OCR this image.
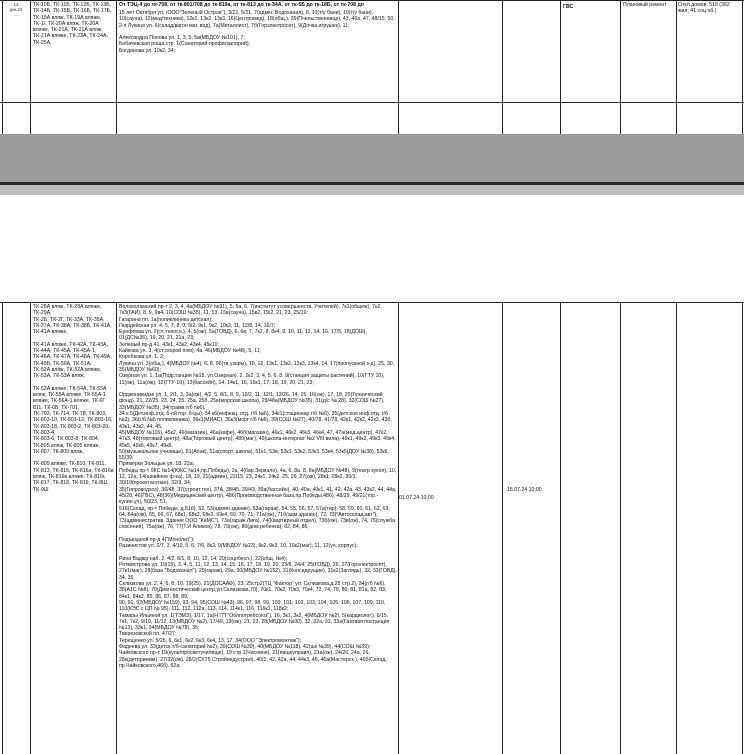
13
дек.22
...
ТК-10Б, ТК-11Б, ТК-12Б, ТК-13Б, ТК-14Б, ТК-15Б, ТК-16Б, ТК-17Б, ТК-19А вляж, ТК-19А вляже, ТК-1/, ТК-20А вляж, ТК-20А вляже, ТК-21А, ТК-21А вляж, ТК-21А вляже, ТК-23А, ТК-24А, ТК-25А,
От ТЭЦ-4 до тк-708, от тк-801/708 до тк-819а, от тк-813 до тк-34А, от тк-5Б до тк-18Б, от тк-708 до
15 лет Октября ул. (ООО"Зеленый Остров"), 3/22, 5/21, 7(адмін. Водоканал), 8, 10(т/у бани), 10(т/у бани), 10(сауна), 12(мед/техника), 12к1, 13к2, 13к3, 16(Центромед), 18(общ.), 39(Пчельственница), 43, 46а, 47, 48/15, 50,
2-я Лукина ул. 6(склад/вагон маг. вод), 7а(Металлист), 7б(Горэлектросет), 9(Дочка игрушек), 11;

Александра Попова ул. 1, 3, 5, 5в(МБДОУ №101), 7;
Бобачевская роща стр. 1(Санаторий-профилакторий);
Богданова ул. 10к2, 34;
ГВС	Плановый ремонт	Откл.домов: 519 (382 жил, 41 соц.об.)
ТК-28А вляж, ТК-28А вляже, ТК-29А,
ТК-2Б, ТК-2Г, ТК-33А, ТК-35А, ТК-37А, ТК-38А, ТК-38Б, ТК-41А, ТК-41А вляже,

ТК-41А вляже, ТК-42А, ТК-43А, ТК-44А, ТК-45А, ТК-45А-1, ТК-46А, ТК-47А, ТК-48А, ТК-49А, ТК-49Б, ТК-50А, ТК-51А,
ТК-52А вляж, ТК-52А вляже, ТК-53А, ТК-53А вляж,

ТК-53А вляже, ТК-54А, ТК-55А вляж, ТК-55А вляже, ТК-55А-1 вляже, ТК-56А-1 вляже, ТК-6Г 811, ТК-6Б, ТК-701,
ТК-703, ТК-714, ТК-78, ТК-803, ТК-803-10, ТК-803-12, ТК-803-16, ТК-803-18, ТК-803-2, ТК-803-20, ТК-803-4,
ТК-803-6, ТК-803-8, ТК-804, ТК-805 вляж, ТК-805 вляже, ТК-807, ТК-809 вляж,

ТК-809 вляже, ТК-810, ТК-811, ТК-813, ТК-815, ТК-816а, ТК-816в вляж, ТК-816в вляже, ТК-816г, ТК-817, ТК-818, ТК-819, ТК-8Ш, ТК-9Ш
Волоколамский пр-т 2, 3, 4, 4а(МБДОУ №91), 5, 5а, 6, 7(институт усовершенств. Учителей), 7к1(общеж), 7к2, 7к3(ГАИ), 8, 9, 9в4, 10(СОШ №35), 11, 13, 15в(сауна), 15в2, 19/2, 21, 23, 25/19;
Гагарина пл. 1а(поликлиника детская);
Гвардейская ул. 4, 5, 7, 8, 9, 9/2, 9к1, 9к2, 10к2, 11, 12/8, 14, 16/7;
Ерофеева ул. 2(ст. техосл.), 4, 5(ож), 5а(ГОВД), 6, 6в, 7, 7к2, 8, 8к4, 9, 10, 11, 12, 14, 16, 17/5, 18(ДОШ), 01(ДС№36), 19, 20, 21, 21а, 23;
Зеленый пр-д 41, 43к1, 43к2, 43к4, 45к10;
Кайкова ул. 3, 4(ст.скорой пом), 4а, 46(МБДОУ №48), 5, 11;
Коробкова ул. 1, 2;
Лукина ул. 3(общ.), 4(МБДОУ №4), 6, 8, 9б(тв.узоры), 10, 12, 13к1, 13к2, 13к3, 13к4, 14, 17(пропускной з-д), 25, 30, 35(МБДОУ №60);
Озерная ул. 1, 1а(Подстанция №18, ул.Озерная), 2, 2к2, 3, 4, 5, 6, 8, 9(станция защиты растений), 10(ГТУ 10), 11(ож), 11а(ож), 12(ГТУ-10), 13(бассейн), 14, 14к1, 16, 16к1, 17, 18, 19, 20, 21, 23;

Орджоникидзе ул. 1, 2/1, 3, 3а(ож), 4/2, 5, 8/1, 8, 9, 10/2, 11, 12/1, 13/26, 14, 15, 16(ож), 17, 18, 20(Технический фонд), 21, 22/25, 23, 24, 25, 25а, 25б, 25в(морская школа), 29/48а(МБДОУ №35), 31(д/с № 28), 32(СОШ №27), 33(МБДОУ №35), 34(трамв.т/б №6),
34 к.5(Дет.инф.отд. б-ой гор. б-цы), 34 к6(инфекц. отд. г/б №6), 34к1(стационар г/б №6), 35(детское инф.отд. г/б №2), 36(г/б №6 поликлиника), 36к1(МИАС), 36к3(морг г/б №6), 39(СОШ №27), 40/78, 41/78, 42к1, 42к2, 42к3, 43б, 43к1, 43к2, 44, 45,
45(МБДОУ №116), 45к2, 46(магазин), 46а(кафе), 46б(магазин), 46к1, 46к2, 46к3, 46к4, 47, 47а(мед.центр), 47к2, 47к3, 48(торговый центр), 48а(Торговый центр), 48б(маг), 49(школа-интернат №2 VIII вила), 49к1, 49к2, 49к3, 49к4, 49к5, 49к6, 49к7, 49к8,
50(музыкальное училище), 51(Алак), 51а(спорт. школа), 51к1, 53в, 53к1, 53к2, 53к3, 53к4, 53к5(ДОУ №38), 53к6, 55/39;
Прямерки Зольцын ул. 18, 22а;
Победы пр-т 9КС №14(ЮКС №14,пр.Победы), 2а, 4(бар Зеркало), 4а, 6, 8а, 8, 8а(МБДОУ №48), 9(театр кукол), 10, 12, 12а, 14(шевйное ф-ка), 18, 19, 21(админ), 22/15, 23, 24к1, 24к2, 25, 26, 27(ож), 28к1, 28к2, 30/1, 30/19(проектантная), 32/3, 34,
35(Гипроводхоз), 36/48, 37(строит.тех), 37А, 38/45, 39/43, 39а(бассейн), 40, 40а, 40к1, 41, 42, 42а, 43, 43к2, 44, 44а, 45/28, 46(ГВС), 48(36)(Медицинский центр), 48б(Производственная база,пр.Победы,48б), 48/29, 49/21(тор.-кулин.уч), 50/23, 51,
51б(Склад, пр-т Победы, д.51б), 52, 53(админ.здание), 53а(гараж), 54, 55, 56, 57, 57а(тир), 58, 59, 60, 61, 62, 63, 64, 64а(ож), 65, 66, 67, 68к1, 68к2, 69к3, 69к4, 69, 70, 71, 71а(ож), 71б(адм.здание), 72, 73("Автосклад,авт"),
73(административ. Здание ООО "КиМС"), 73а(гараж Лига), 74(Квартирный отдел), 73б(ож), 73в(ож), 74, 75(служба спасения), 75а(ож), 76, 77(Т.И Аликов), 78, 79(ож), 80(дом ребенка), 82, 84, 86;

Подъездной пр-д 4("Монолит");
Разинистов ул. 2/7, 3, 4/10, 5, 6, 7/6, 8к2, 9(МБДОУ №23), 9к2, 9к3, 10, 10к2(маг), 11, 12(уч. корпус);

Рина Ваджр наб. 2, 4/2, 8/1, 8, 10, 12, 14, 20(соцобесп.), 22(общ. №4);
Ротмистрова ул. 19(15), 3, 4, 5, 11, 12, 13, 14, 15, 16, 17, 18, 19, 20, 23/8, 24/4, 25(ГОВД), 26, 27(Горэлектросет), 27к1(маг), 28(база "Водоканал"), 29(гараж), 29а, 30(МБДОУ №152), 31(Консидеущие), 31к2(Заглядь), 32, 33(ГОВД), 34, 35,
Склизкова ул. 2, 4, 6, 8, 10, 19(25), 21(ДОСААФ), 23, 25стр2(ТЦ "Фактор" ул. Склизкова,д.25 стр.2), 34(г/б №6), 38(А1С №8), 70(Диагностический центр,ул.Склизкова,70), 70к1, 70к2, 70к3, 70к4, 72, 74, 79, 80, 81, 81а, 82, 83, 84к1, 84к2, 85, 86, 87, 88, 89,
90, 91, 92(МБДОУ №159), 93, 94, 95(СОШ №43), 96, 97, 98, 99, 100, 101, 102, 103, 104, 105, 106, 107, 109, 110, 110(КЭС с ЦП № 95), 111, 112, 112а, 113, 114, 114к1, 116, 116к1, 118к2;
Тамары Ильиной ул. 1(ТЭМЗ), 1/17, 1а(Н ГП "Облпотребсоюз"), 1б, 3к1, 3к2, 4(МБДОУ №2), 5(кардиолог.), 6/15, 7к1, 7к2, 9/19, 11/12, 13(МБДОУ №2), 17/49, 19(ож), 21, 23, 28(МБДОУ №90), 32, 32а, 33, 33а(Газовая постанция №13), 33к1, 34(МБДОУ №78), 35;
Тверезовской пл. 47/27;
Терещенко ул. 5/25, 6, 6к1, 6к2, 6к3, 6к4, 13, 17, 34(ООО "Электромонтаж");
Фадеева ул. 33(детск.т/б-санаторий №2), 39(СОШ №39), 40(МБДОУ №118), 42(шк №39), 44(СОШ №39);
Чайковского пр-т 19(культпросветучилище), 19 стр.1(Часовня), 21(пищеуправл), 21а(ож), 24/26, 24а, 26, 28к(детприемм), 27/32(ож), 28/2(СХТ5 Стройиндустрия), 40/2, 42, 42а, 44, 44к3, 46, 46а(Мастерск.), 46б(Склад, пр.Чайковского,46б), 62а;
01.07.24 10:00
15.07.24 10:00
